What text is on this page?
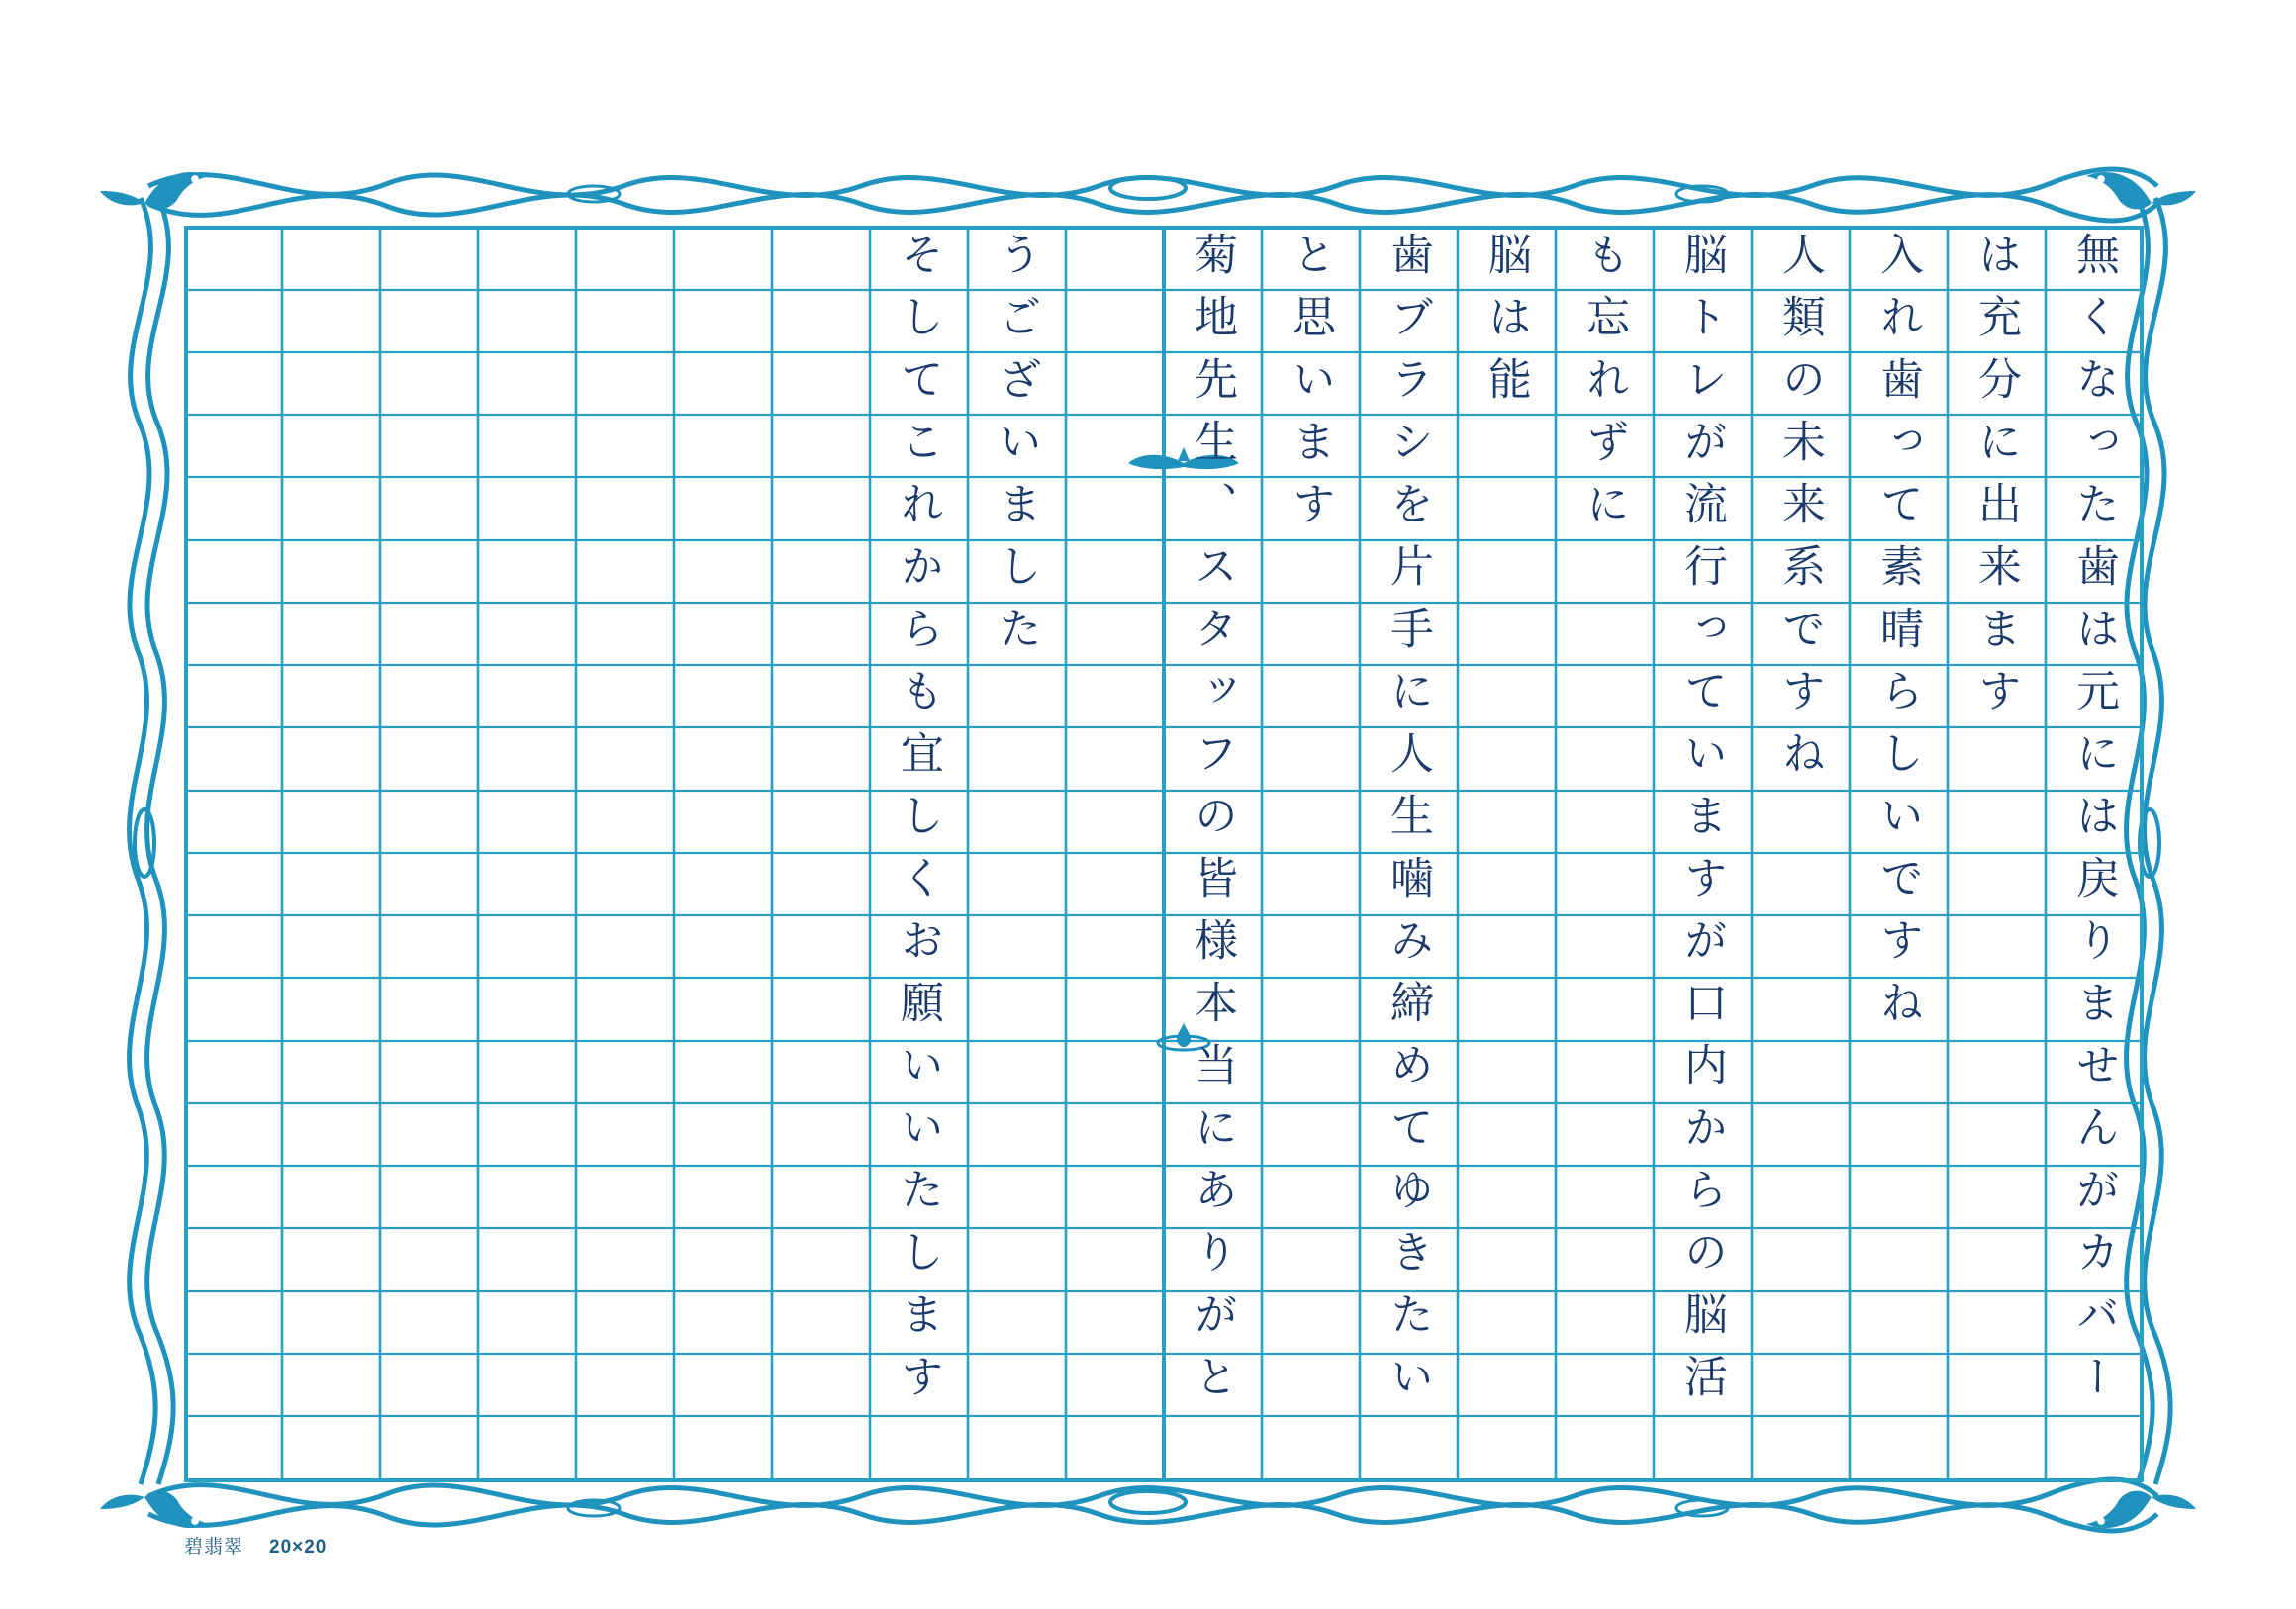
無くなった歯は元には戻りませんがカバー
は充分に出来ます
入れ歯って素晴らしいですね
人類の未来系ですね
脳トレが流行っていますが口内からの脳活
も忘れずに
脳は能
歯ブラシを片手に人生噛み締めてゆきたい
と思います
菊地先生、スタッフの皆様本当にありがと
うございました
そしてこれからも宜しくお願いいたします
碧翡翠 20×20
